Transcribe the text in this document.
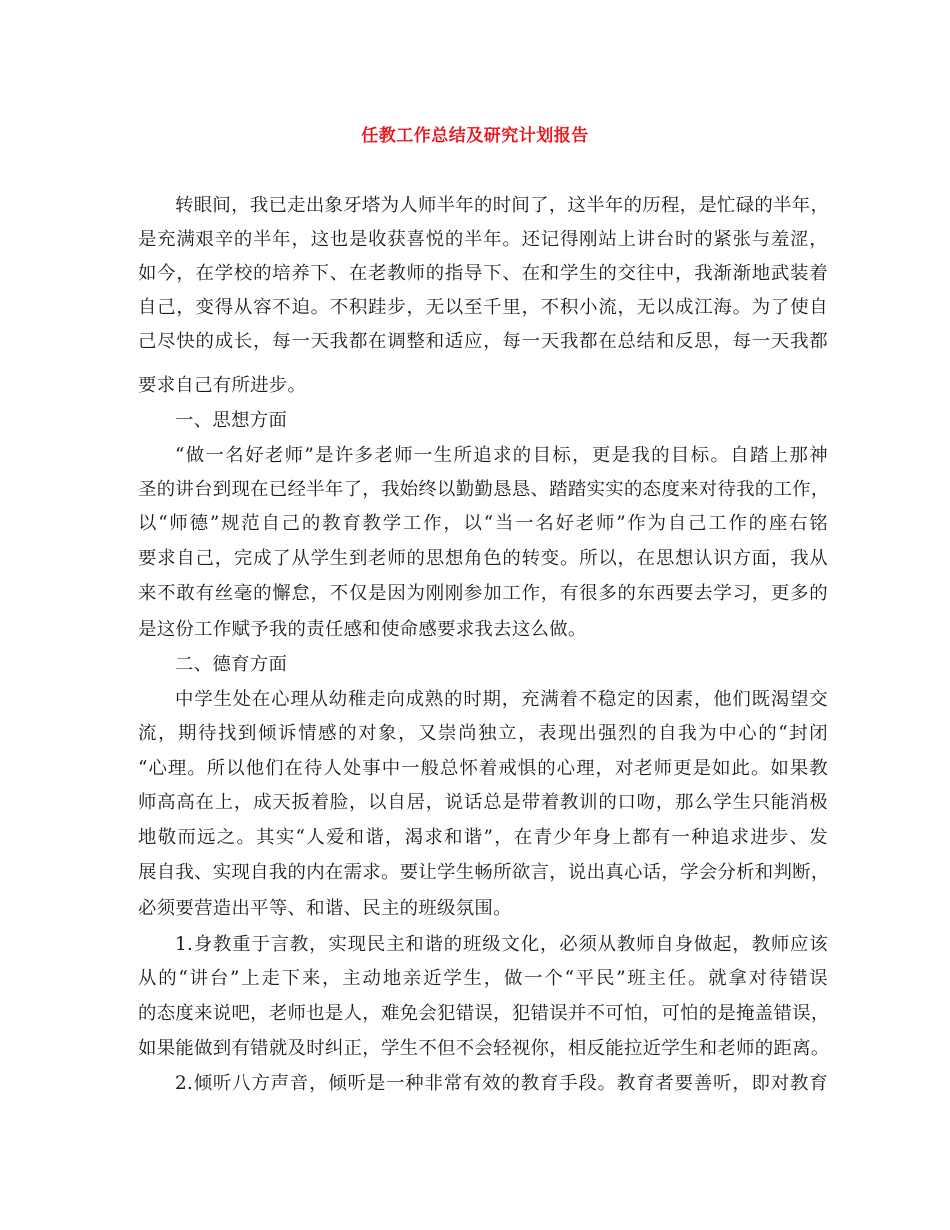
任教工作总结及研究计划报告
转眼间，我已走出象牙塔为人师半年的时间了，这半年的历程，是忙碌的半年，
是充满艰辛的半年，这也是收获喜悦的半年。还记得刚站上讲台时的紧张与羞涩，
如今，在学校的培养下、在老教师的指导下、在和学生的交往中，我渐渐地武装着
自己，变得从容不迫。不积跬步，无以至千里，不积小流，无以成江海。为了使自
己尽快的成长，每一天我都在调整和适应，每一天我都在总结和反思，每一天我都
要求自己有所进步。
一、思想方面
“做一名好老师”是许多老师一生所追求的目标，更是我的目标。自踏上那神
圣的讲台到现在已经半年了，我始终以勤勤恳恳、踏踏实实的态度来对待我的工作，
以“师德”规范自己的教育教学工作，以“当一名好老师”作为自己工作的座右铭
要求自己，完成了从学生到老师的思想角色的转变。所以，在思想认识方面，我从
来不敢有丝毫的懈怠，不仅是因为刚刚参加工作，有很多的东西要去学习，更多的
是这份工作赋予我的责任感和使命感要求我去这么做。
二、德育方面
中学生处在心理从幼稚走向成熟的时期，充满着不稳定的因素，他们既渴望交
流，期待找到倾诉情感的对象，又崇尚独立，表现出强烈的自我为中心的“封闭
“心理。所以他们在待人处事中一般总怀着戒惧的心理，对老师更是如此。如果教
师高高在上，成天扳着脸，以自居，说话总是带着教训的口吻，那么学生只能消极
地敬而远之。其实“人爱和谐，渴求和谐”，在青少年身上都有一种追求进步、发
展自我、实现自我的内在需求。要让学生畅所欲言，说出真心话，学会分析和判断，
必须要营造出平等、和谐、民主的班级氛围。
1.身教重于言教，实现民主和谐的班级文化，必须从教师自身做起，教师应该
从的“讲台”上走下来，主动地亲近学生，做一个“平民”班主任。就拿对待错误
的态度来说吧，老师也是人，难免会犯错误，犯错误并不可怕，可怕的是掩盖错误，
如果能做到有错就及时纠正，学生不但不会轻视你，相反能拉近学生和老师的距离。
2.倾听八方声音，倾听是一种非常有效的教育手段。教育者要善听，即对教育
